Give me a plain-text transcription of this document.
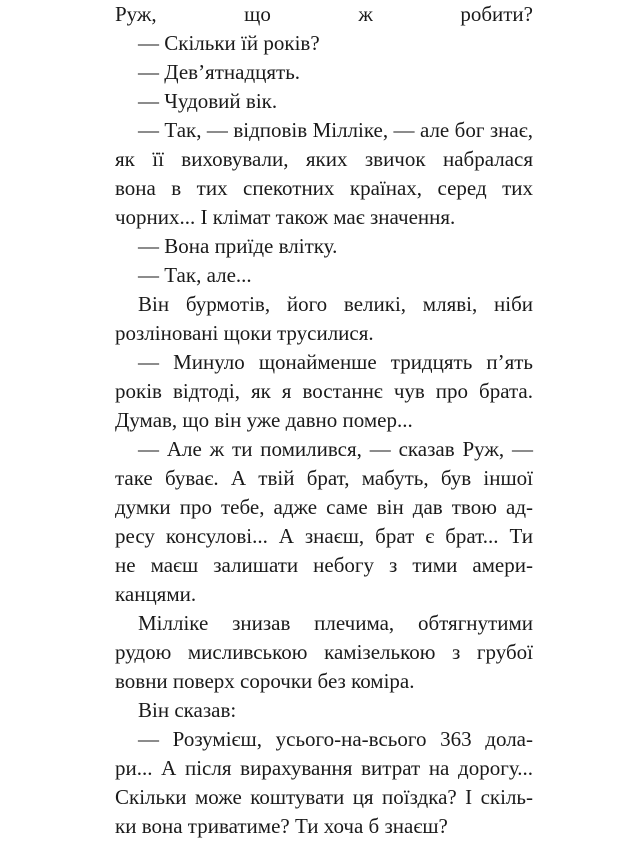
Руж, що ж робити?
— Скільки їй років?
— Дев’ятнадцять.
— Чудовий вік.
— Так, — відповів Мілліке, — але бог знає,
як її виховували, яких звичок набралася
вона в тих спекотних країнах, серед тих
чорних... І клімат також має значення.
— Вона приїде влітку.
— Так, але...
Він бурмотів, його великі, мляві, ніби
розліновані щоки трусилися.
— Минуло щонайменше тридцять п’ять
років відтоді, як я востаннє чув про брата.
Думав, що він уже давно помер...
— Але ж ти помилився, — сказав Руж, —
таке буває. А твій брат, мабуть, був іншої
думки про тебе, адже саме він дав твою ад-
ресу консулові... А знаєш, брат є брат... Ти
не маєш залишати небогу з тими амери-
канцями.
Мілліке знизав плечима, обтягнутими
рудою мисливською камізелькою з грубої
вовни поверх сорочки без коміра.
Він сказав:
— Розумієш, усього-на-всього 363 дола-
ри... А після вирахування витрат на дорогу...
Скільки може коштувати ця поїздка? І скіль-
ки вона триватиме? Ти хоча б знаєш?
